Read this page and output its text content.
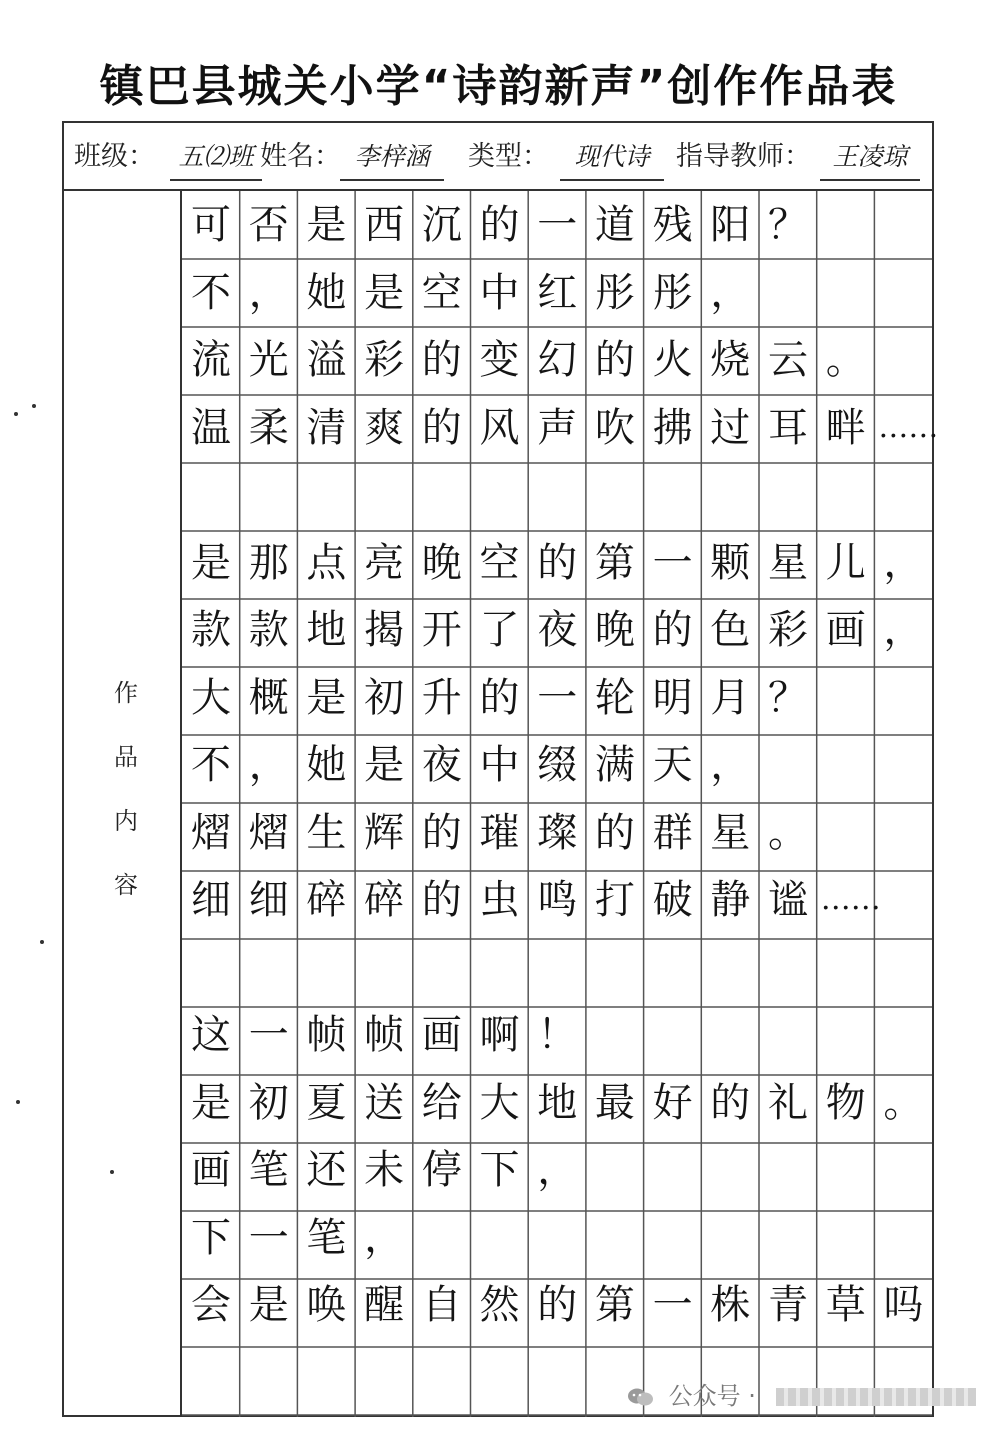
镇巴县城关小学“诗韵新声”创作作品表
班级： 五⑵班 姓名： 李梓涵	类型：	现代诗 指导教师： 王凌琼
作
品
内
容
可 否 是 西 沉 的 一 道 残 阳 ？
不 ， 她 是 空 中 红 彤 彤 ，
流 光 溢 彩 的 变 幻 的 火 烧 云 。
温 柔 清 爽 的 风 声 吹 拂 过 耳 畔 ……
是 那 点 亮 晚 空 的 第 一 颗 星 儿 ，
款 款 地 揭 开 了 夜 晚 的 色 彩 画 ，
大 概 是 初 升 的 一 轮 明 月 ？
不 ， 她 是 夜 中 缀 满 天 ，
熠 熠 生 辉 的 璀 璨 的 群 星 。
细 细 碎 碎 的 虫 鸣 打 破 静 谧 ……
这 一 帧 帧 画 啊 ！
是 初 夏 送 给 大 地 最 好 的 礼 物 。
画 笔 还 未 停 下 ，
下 一 笔 ，
会 是 唤 醒 自 然 的 第 一 株 青 草 吗
公众号 ·
